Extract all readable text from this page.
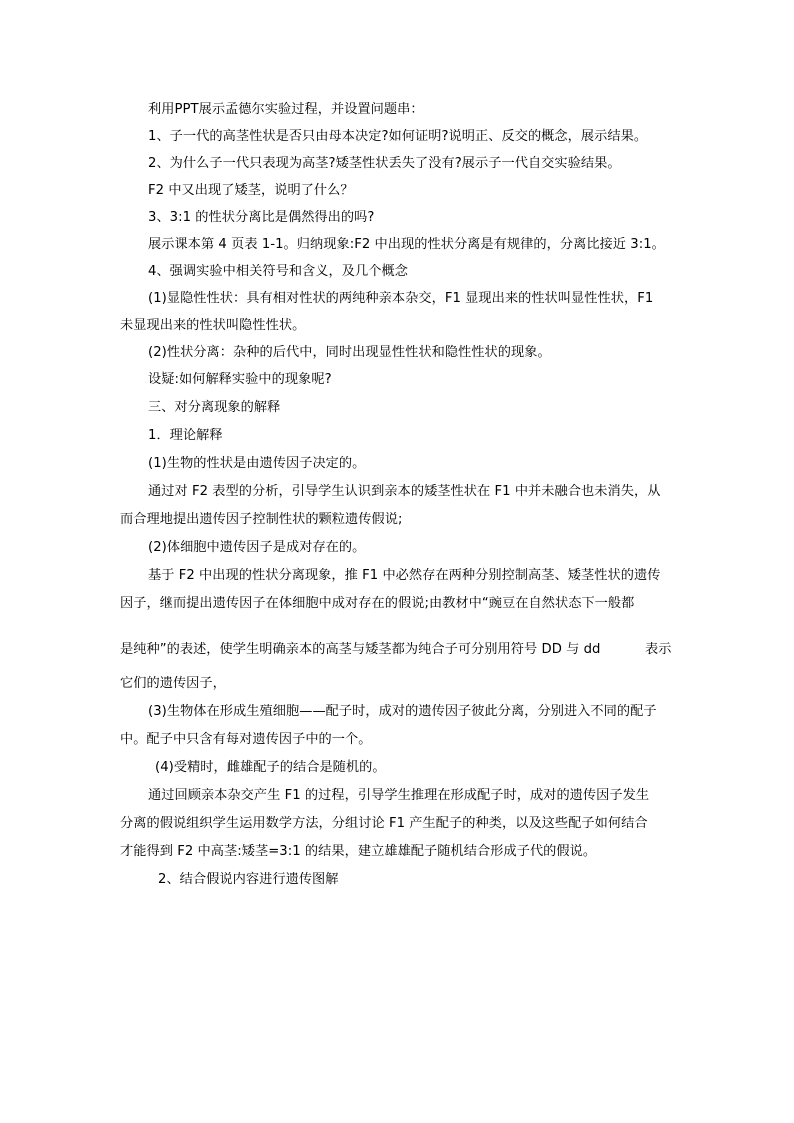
利用PPT展示孟德尔实验过程，并设置问题串：
1、子一代的高茎性状是否只由母本决定?如何证明?说明正、反交的概念，展示结果。
2、为什么子一代只表现为高茎?矮茎性状丢失了没有?展示子一代自交实验结果。
F2 中又出现了矮茎，说明了什么？
3、3:1 的性状分离比是偶然得出的吗?
展示课本第 4 页表 1-1。归纳现象:F2 中出现的性状分离是有规律的，分离比接近 3:1。
4、强调实验中相关符号和含义，及几个概念
(1)显隐性性状：具有相对性状的两纯种亲本杂交，F1 显现出来的性状叫显性性状，F1
未显现出来的性状叫隐性性状。
(2)性状分离：杂种的后代中，同时出现显性性状和隐性性状的现象。
设疑:如何解释实验中的现象呢?
三、对分离现象的解释
1．理论解释
(1)生物的性状是由遗传因子决定的。
通过对 F2 表型的分析，引导学生认识到亲本的矮茎性状在 F1 中并未融合也未消失，从
而合理地提出遗传因子控制性状的颗粒遗传假说;
(2)体细胞中遗传因子是成对存在的。
基于 F2 中出现的性状分离现象，推 F1 中必然存在两种分别控制高茎、矮茎性状的遗传
因子，继而提出遗传因子在体细胞中成对存在的假说;由教材中“豌豆在自然状态下一般都
是纯种”的表述，使学生明确亲本的高茎与矮茎都为纯合子可分别用符号 DD 与 dd	表示
它们的遗传因子，
(3)生物体在形成生殖细胞——配子时，成对的遗传因子彼此分离，分别进入不同的配子
中。配子中只含有每对遗传因子中的一个。
(4)受精时，雌雄配子的结合是随机的。
通过回顾亲本杂交产生 F1 的过程，引导学生推理在形成配子时，成对的遗传因子发生
分离的假说组织学生运用数学方法，分组讨论 F1 产生配子的种类，以及这些配子如何结合
才能得到 F2 中高茎:矮茎=3:1 的结果，建立雄雄配子随机结合形成子代的假说。
2、结合假说内容进行遗传图解
